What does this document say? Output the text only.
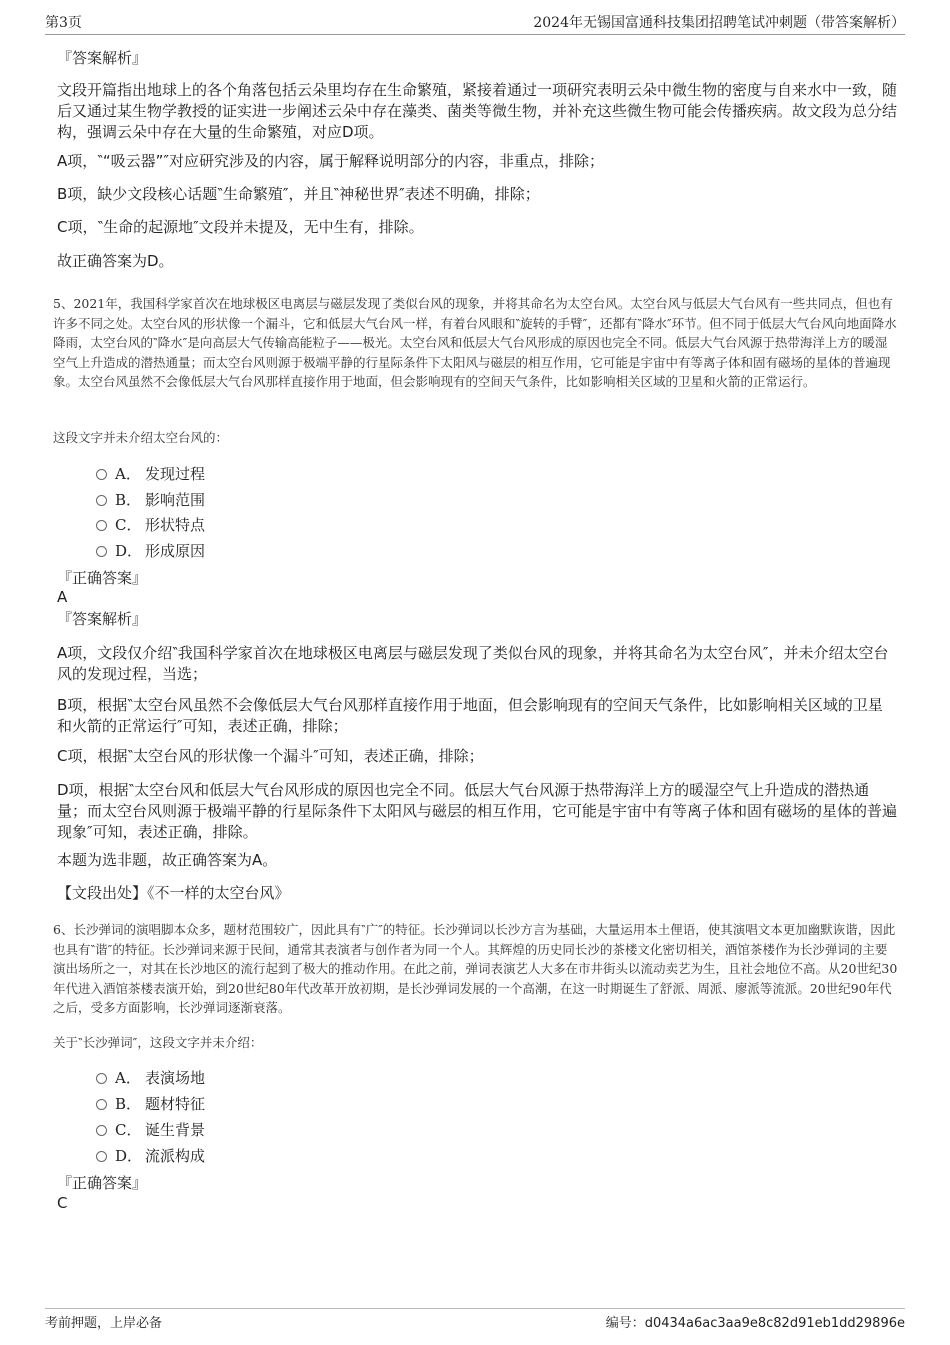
第3页	2024年无锡国富通科技集团招聘笔试冲刺题（带答案解析）
『答案解析』

文段开篇指出地球上的各个角落包括云朵里均存在生命繁殖，紧接着通过一项研究表明云朵中微生物的密度与自来水中一致，随后又通过某生物学教授的证实进一步阐述云朵中存在藻类、菌类等微生物，并补充这些微生物可能会传播疾病。故文段为总分结构，强调云朵中存在大量的生命繁殖，对应D项。

A项，‶“吸云器”″对应研究涉及的内容，属于解释说明部分的内容，非重点，排除；

B项，缺少文段核心话题‶生命繁殖″，并且‶神秘世界″表述不明确，排除；

C项，‶生命的起源地″文段并未提及，无中生有，排除。

故正确答案为D。

5、2021年，我国科学家首次在地球极区电离层与磁层发现了类似台风的现象，并将其命名为太空台风。太空台风与低层大气台风有一些共同点，但也有许多不同之处。太空台风的形状像一个漏斗，它和低层大气台风一样，有着台风眼和‶旋转的手臂″，还都有‶降水″环节。但不同于低层大气台风向地面降水降雨，太空台风的‶降水″是向高层大气传输高能粒子——极光。太空台风和低层大气台风形成的原因也完全不同。低层大气台风源于热带海洋上方的暖湿空气上升造成的潜热通量；而太空台风则源于极端平静的行星际条件下太阳风与磁层的相互作用，它可能是宇宙中有等离子体和固有磁场的星体的普遍现象。太空台风虽然不会像低层大气台风那样直接作用于地面，但会影响现有的空间天气条件，比如影响相关区域的卫星和火箭的正常运行。

这段文字并未介绍太空台风的：

A． 发现过程
B． 影响范围
C． 形状特点
D． 形成原因
『正确答案』
A
『答案解析』

A项，文段仅介绍‶我国科学家首次在地球极区电离层与磁层发现了类似台风的现象，并将其命名为太空台风″，并未介绍太空台风的发现过程，当选；

B项，根据‶太空台风虽然不会像低层大气台风那样直接作用于地面，但会影响现有的空间天气条件，比如影响相关区域的卫星和火箭的正常运行″可知，表述正确，排除；

C项，根据‶太空台风的形状像一个漏斗″可知，表述正确，排除；

D项，根据‶太空台风和低层大气台风形成的原因也完全不同。低层大气台风源于热带海洋上方的暖湿空气上升造成的潜热通量；而太空台风则源于极端平静的行星际条件下太阳风与磁层的相互作用，它可能是宇宙中有等离子体和固有磁场的星体的普遍现象″可知，表述正确，排除。

本题为选非题，故正确答案为A。

【文段出处】《不一样的太空台风》

6、长沙弹词的演唱脚本众多，题材范围较广，因此具有‶广″的特征。长沙弹词以长沙方言为基础，大量运用本土俚语，使其演唱文本更加幽默诙谐，因此也具有‶谐″的特征。长沙弹词来源于民间，通常其表演者与创作者为同一个人。其辉煌的历史同长沙的茶楼文化密切相关，酒馆茶楼作为长沙弹词的主要演出场所之一，对其在长沙地区的流行起到了极大的推动作用。在此之前，弹词表演艺人大多在市井街头以流动卖艺为生，且社会地位不高。从20世纪30年代进入酒馆茶楼表演开始，到20世纪80年代改革开放初期，是长沙弹词发展的一个高潮，在这一时期诞生了舒派、周派、廖派等流派。20世纪90年代之后，受多方面影响，长沙弹词逐渐衰落。

关于‶长沙弹词″，这段文字并未介绍：

A． 表演场地
B． 题材特征
C． 诞生背景
D． 流派构成
『正确答案』
C
考前押题，上岸必备	编号：d0434a6ac3aa9e8c82d91eb1dd29896e
